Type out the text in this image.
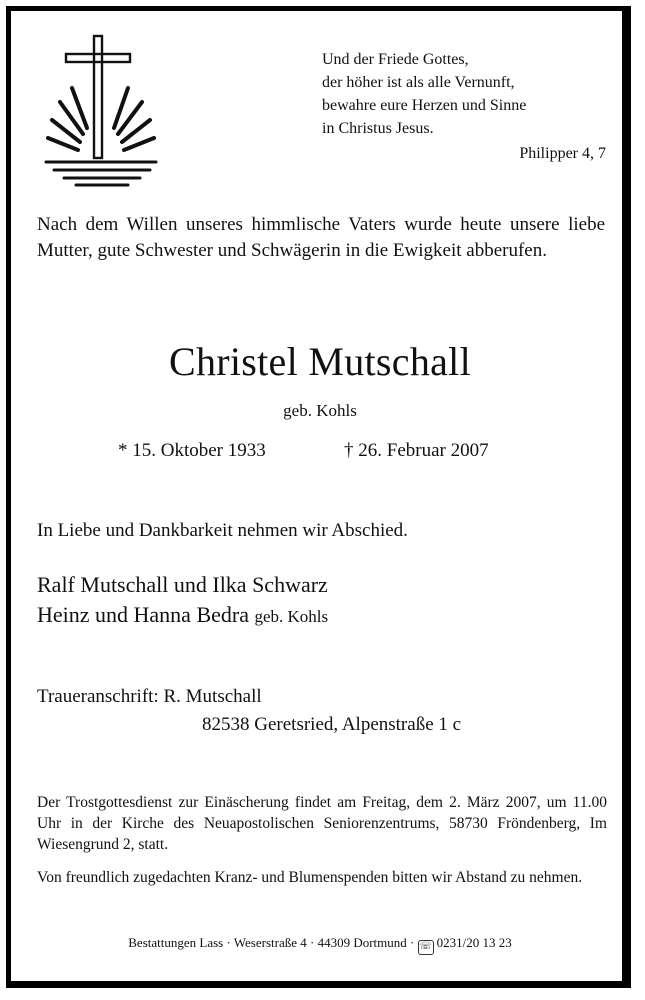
Und der Friede Gottes,
der höher ist als alle Vernunft,
bewahre eure Herzen und Sinne
in Christus Jesus.
Philipper 4, 7
Nach dem Willen unseres himmlische Vaters wurde heute unsere liebe Mutter, gute Schwester und Schwägerin in die Ewigkeit abberufen.
Christel Mutschall
geb. Kohls
* 15. Oktober 1933	† 26. Februar 2007
In Liebe und Dankbarkeit nehmen wir Abschied.
Ralf Mutschall und Ilka Schwarz
Heinz und Hanna Bedra geb. Kohls
Traueranschrift: R. Mutschall
82538 Geretsried, Alpenstraße 1 c
Der Trostgottesdienst zur Einäscherung findet am Freitag, dem 2. März 2007, um 11.00 Uhr in der Kirche des Neuapostolischen Seniorenzentrums, 58730 Fröndenberg, Im Wiesengrund 2, statt.
Von freundlich zugedachten Kranz- und Blumenspenden bitten wir Abstand zu nehmen.
Bestattungen Lass · Weserstraße 4 · 44309 Dortmund · ☏ 0231/20 13 23
